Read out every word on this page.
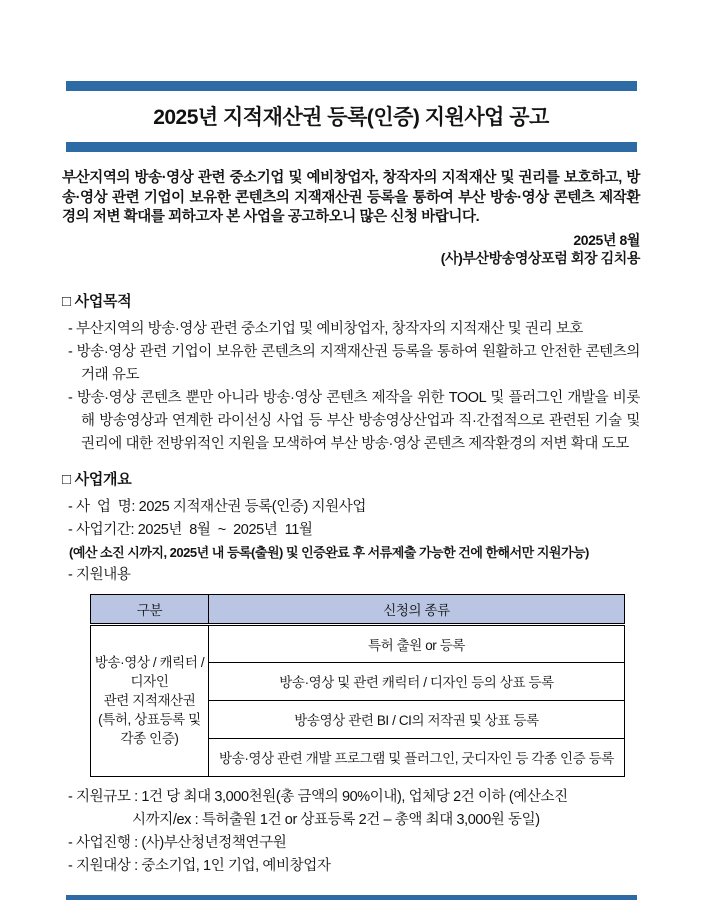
2025년 지적재산권 등록(인증) 지원사업 공고

부산지역의 방송·영상 관련 중소기업 및 예비창업자, 창작자의 지적재산 및 권리를 보호하고, 방송·영상 관련 기업이 보유한 콘텐츠의 지잭재산권 등록을 통하여 부산 방송·영상 콘텐츠 제작환경의 저변 확대를 꾀하고자 본 사업을 공고하오니 많은 신청 바랍니다.

2025년 8월
(사)부산방송영상포럼 회장 김치용
□ 사업목적
- 부산지역의 방송·영상 관련 중소기업 및 예비창업자, 창작자의 지적재산 및 권리 보호
- 방송·영상 관련 기업이 보유한 콘텐츠의 지잭재산권 등록을 통하여 원활하고 안전한 콘텐츠의 거래 유도
- 방송·영상 콘텐츠 뿐만 아니라 방송·영상 콘텐츠 제작을 위한 TOOL 및 플러그인 개발을 비롯해 방송영상과 연계한 라이선싱 사업 등 부산 방송영상산업과 직·간접적으로 관련된 기술 및 권리에 대한 전방위적인 지원을 모색하여 부산 방송·영상 콘텐츠 제작환경의 저변 확대 도모
□ 사업개요
- 사  업  명: 2025 지적재산권 등록(인증) 지원사업
- 사업기간: 2025년  8월  ~  2025년  11월
(예산 소진 시까지, 2025년 내 등록(출원) 및 인증완료 후 서류제출 가능한 건에 한해서만 지원가능)
- 지원내용
구분	신청의 종류

방송·영상 / 캐릭터 /
디자인
관련 지적재산권
(특허, 상표등록 및
각종 인증)	특허 출원 or 등록
	방송·영상 및 관련 캐릭터 / 디자인 등의 상표 등록
	방송영상 관련 BI / CI의 저작권 및 상표 등록
	방송·영상 관련 개발 프로그램 및 플러그인, 굿디자인 등 각종 인증 등록
- 지원규모 : 1건 당 최대 3,000천원(총 금액의 90%이내), 업체당 2건 이하 (예산소진
시까지/ex : 특허출원 1건 or 상표등록 2건 – 총액 최대 3,000원 동일)
- 사업진행 : (사)부산청년정책연구원
- 지원대상 : 중소기업, 1인 기업, 예비창업자
